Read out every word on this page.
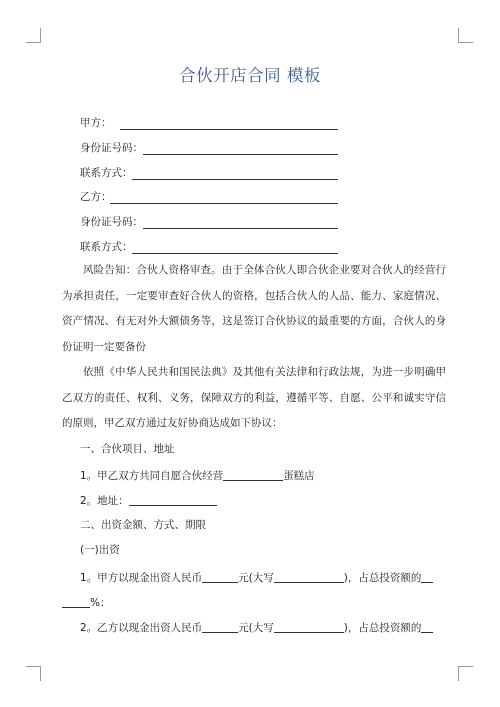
合伙开店合同 模板
甲方：
身份证号码：
联系方式：
乙方：
身份证号码：
联系方式：
风险告知：合伙人资格审查。由于全体合伙人即合伙企业要对合伙人的经营行为承担责任，一定要审查好合伙人的资格，包括合伙人的人品、能力、家庭情况、资产情况、有无对外大额债务等，这是签订合伙协议的最重要的方面，合伙人的身份证明一定要备份
依照《中华人民共和国民法典》及其他有关法律和行政法规，为进一步明确甲乙双方的责任、权利、义务，保障双方的利益，遵循平等、自愿、公平和诚实守信的原则，甲乙双方通过友好协商达成如下协议：
一、合伙项目、地址
1。甲乙双方共同自愿合伙经营	蛋糕店
2。地址：
二、出资金额、方式、期限
(一)出资
1。甲方以现金出资人民币	元(大写	)，占总投资额的
%：
2。乙方以现金出资人民币	元(大写	)，占总投资额的
